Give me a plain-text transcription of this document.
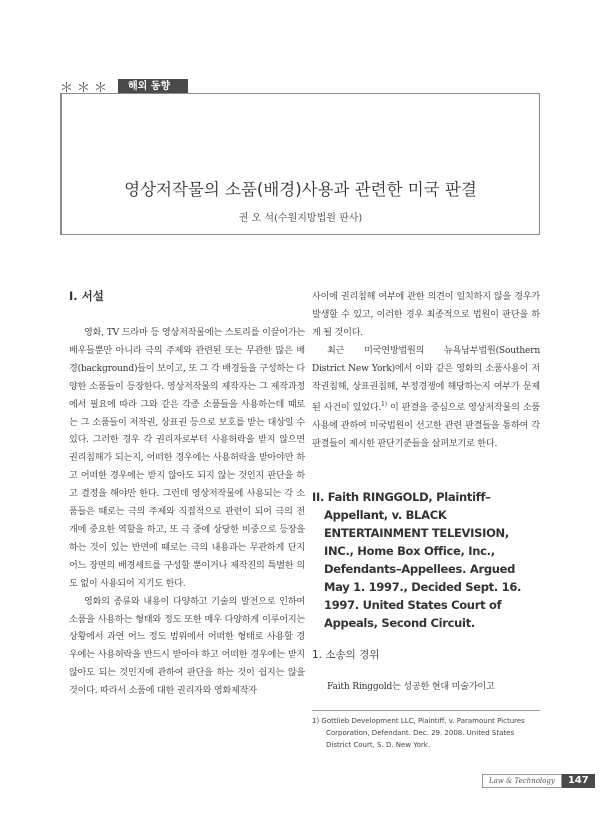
＊＊＊	해외 동향
영상저작물의 소품(배경)사용과 관련한 미국 판결
권 오 석(수원지방법원 판사)
I. 서설

영화, TV 드라마 등 영상저작물에는 스토리를 이끌어가는 배우들뿐만 아니라 극의 주제와 관련된 또는 무관한 많은 배경(background)들이 보이고, 또 그 각 배경들을 구성하는 다양한 소품들이 등장한다. 영상저작물의 제작자는 그 제작과정에서 필요에 따라 그와 같은 각종 소품들을 사용하는데 때로는 그 소품들이 저작권, 상표권 등으로 보호를 받는 대상일 수 있다. 그러한 경우 각 권리자로부터 사용허락을 받지 않으면 권리침해가 되는지, 어떠한 경우에는 사용허락을 받아야만 하고 어떠한 경우에는 받지 않아도 되지 않는 것인지 판단을 하고 결정을 해야만 한다. 그런데 영상저작물에 사용되는 각 소품들은 때로는 극의 주제와 직접적으로 관련이 되어 극의 전개에 중요한 역할을 하고, 또 극 중에 상당한 비중으로 등장을 하는 것이 있는 반면에 때로는 극의 내용과는 무관하게 단지 어느 장면의 배경세트를 구성할 뿐이거나 제작진의 특별한 의도 없이 사용되어 지기도 한다.

영화의 종류와 내용이 다양하고 기술의 발전으로 인하여 소품을 사용하는 형태와 정도 또한 매우 다양하게 이루어지는 상황에서 과연 어느 정도 범위에서 어떠한 형태로 사용할 경우에는 사용허락을 반드시 받아야 하고 어떠한 경우에는 받지 않아도 되는 것인지에 관하여 판단을 하는 것이 쉽지는 않을 것이다. 따라서 소품에 대한 권리자와 영화제작자

사이에 권리침해 여부에 관한 의견이 일치하지 않을 경우가 발생할 수 있고, 이러한 경우 최종적으로 법원이 판단을 하게 될 것이다.

최근 미국연방법원의 뉴욕남부법원(Southern District New York)에서 이와 같은 영화의 소품사용이 저작권침해, 상표권침해, 부정경쟁에 해당하는지 여부가 문제된 사건이 있었다.$^{1)}$ 이 판결을 중심으로 영상저작물의 소품사용에 관하여 미국법원이 선고한 관련 판결들을 통하여 각 판결들이 제시한 판단기준들을 살펴보기로 한다.

II. Faith RINGGOLD, Plaintiff–Appellant, v. BLACK ENTERTAINMENT TELEVISION, INC., Home Box Office, Inc., Defendants–Appellees. Argued May 1. 1997., Decided Sept. 16. 1997. United States Court of Appeals, Second Circuit.
1. 소송의 경위

Faith Ringgold는 성공한 현대 미술가이고

1) Gottlieb Development LLC, Plaintiff, v. Paramount Pictures Corporation, Defendant. Dec. 29. 2008. United States District Court, S. D. New York.
Law & Technology	147
